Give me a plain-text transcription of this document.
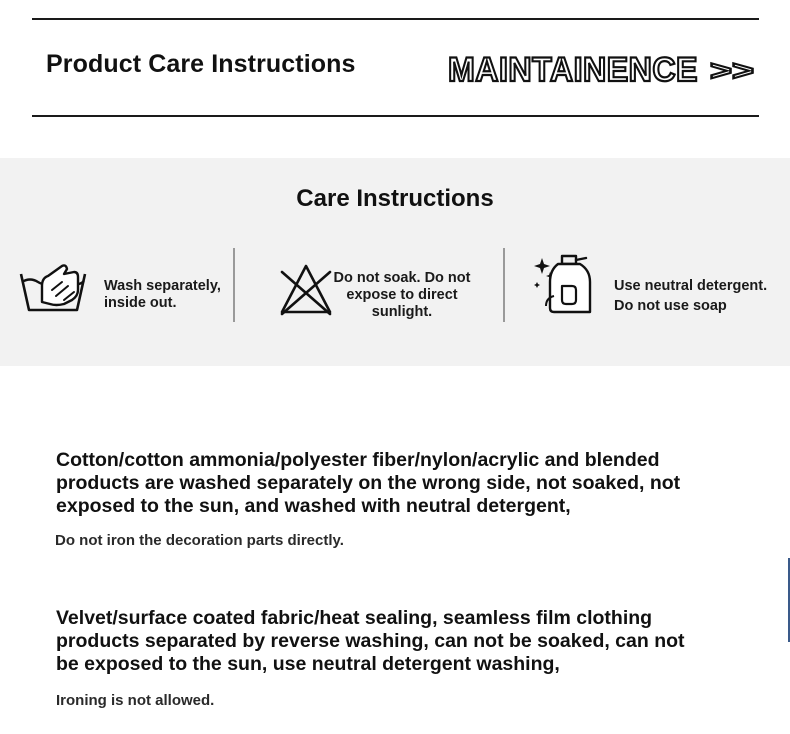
Product Care Instructions	MAINTAINENCE >>
Care Instructions
Wash separately,
inside out.
Do not soak. Do not
expose to direct
sunlight.
Use neutral detergent.
Do not use soap
Cotton/cotton ammonia/polyester fiber/nylon/acrylic and blended
products are washed separately on the wrong side, not soaked, not
exposed to the sun, and washed with neutral detergent,
Do not iron the decoration parts directly.
Velvet/surface coated fabric/heat sealing, seamless film clothing
products separated by reverse washing, can not be soaked, can not
be exposed to the sun, use neutral detergent washing,
Ironing is not allowed.
